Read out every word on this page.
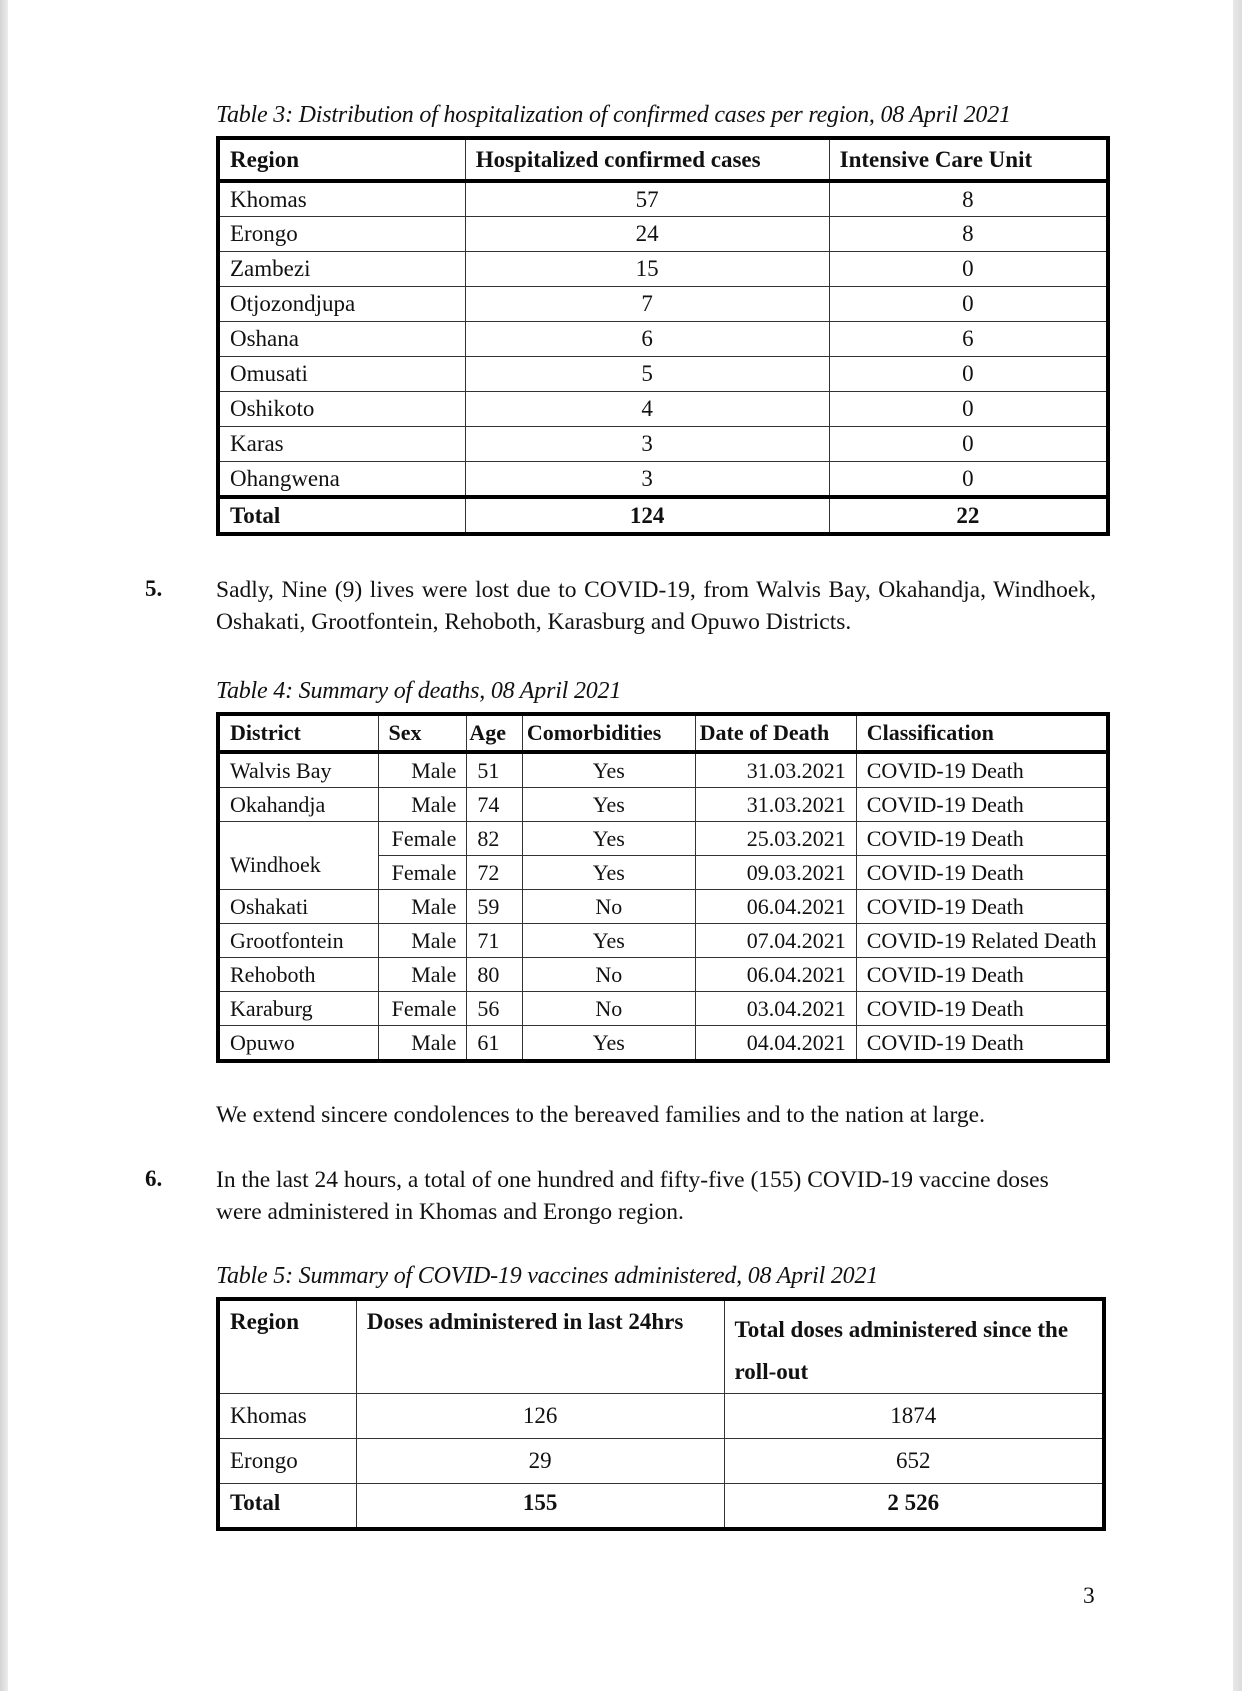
Table 3: Distribution of hospitalization of confirmed cases per region, 08 April 2021
Region	Hospitalized confirmed cases	Intensive Care Unit
Khomas	57	8
Erongo	24	8
Zambezi	15	0
Otjozondjupa	7	0
Oshana	6	6
Omusati	5	0
Oshikoto	4	0
Karas	3	0
Ohangwena	3	0
Total	124	22
5. Sadly, Nine (9) lives were lost due to COVID-19, from Walvis Bay, Okahandja, Windhoek, Oshakati, Grootfontein, Rehoboth, Karasburg and Opuwo Districts.
Table 4: Summary of deaths, 08 April 2021
District	Sex	Age	Comorbidities	Date of Death	Classification
Walvis Bay	Male	51	Yes	31.03.2021	COVID-19 Death
Okahandja	Male	74	Yes	31.03.2021	COVID-19 Death
Windhoek	Female	82	Yes	25.03.2021	COVID-19 Death
	Female	72	Yes	09.03.2021	COVID-19 Death
Oshakati	Male	59	No	06.04.2021	COVID-19 Death
Grootfontein	Male	71	Yes	07.04.2021	COVID-19 Related Death
Rehoboth	Male	80	No	06.04.2021	COVID-19 Death
Karaburg	Female	56	No	03.04.2021	COVID-19 Death
Opuwo	Male	61	Yes	04.04.2021	COVID-19 Death
We extend sincere condolences to the bereaved families and to the nation at large.
6. In the last 24 hours, a total of one hundred and fifty-five (155) COVID-19 vaccine doses were administered in Khomas and Erongo region.
Table 5: Summary of COVID-19 vaccines administered, 08 April 2021
Region	Doses administered in last 24hrs	Total doses administered since the
roll-out
Khomas	126	1874
Erongo	29	652
Total	155	2 526
3
